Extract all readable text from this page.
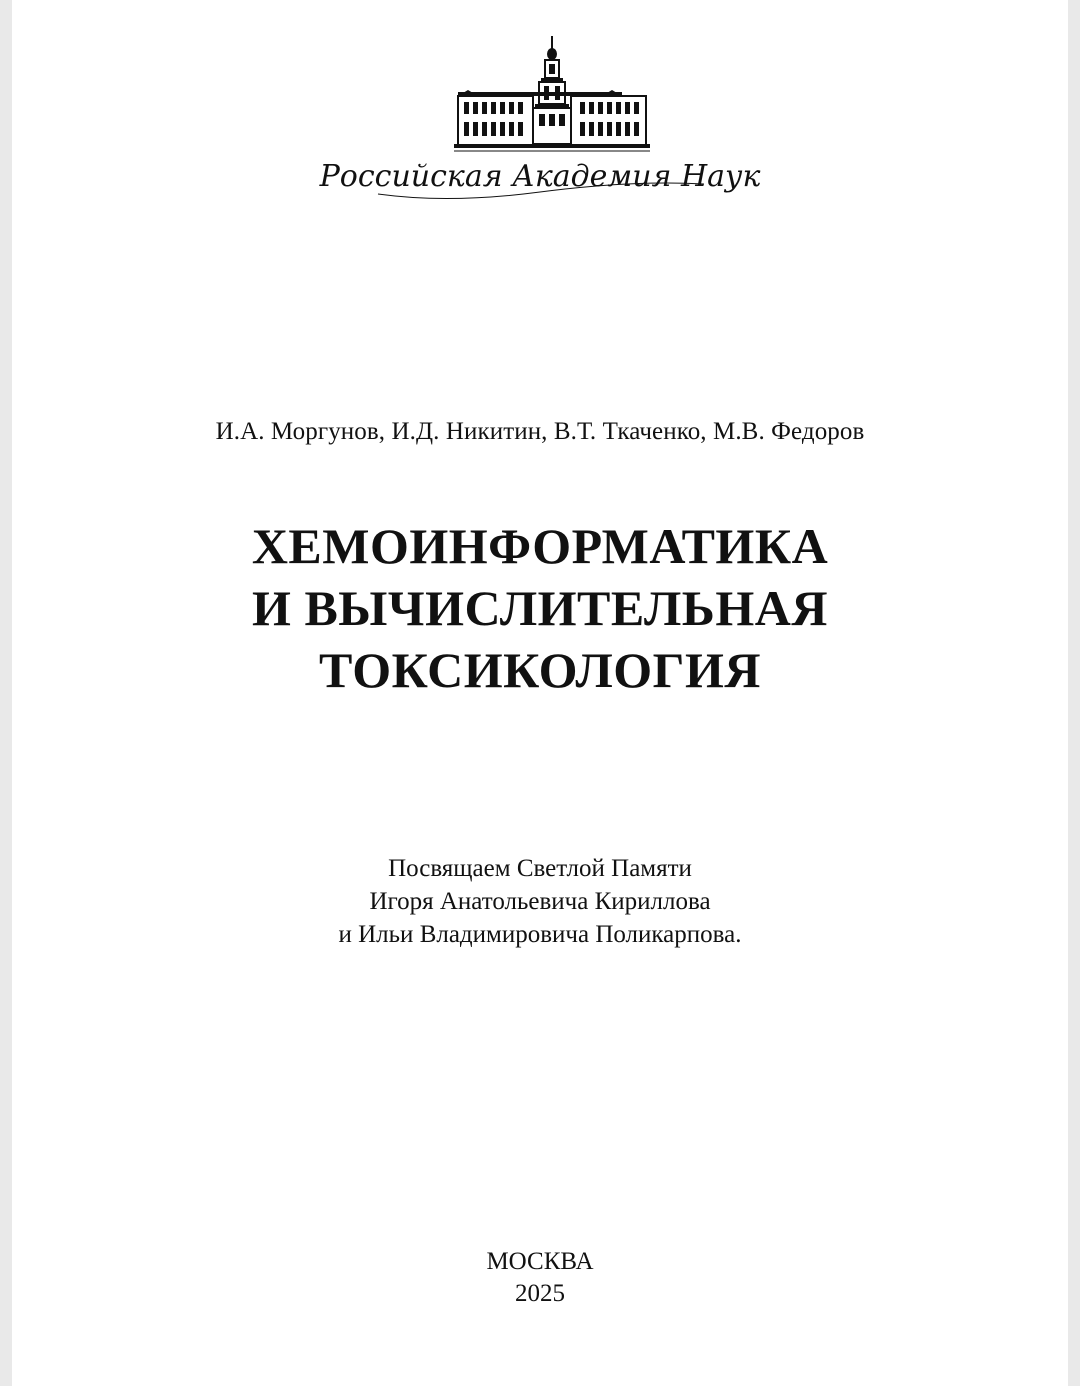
Российская Академия Наук
И.А. Моргунов, И.Д. Никитин, В.Т. Ткаченко, М.В. Федоров
ХЕМОИНФОРМАТИКА
И ВЫЧИСЛИТЕЛЬНАЯ
ТОКСИКОЛОГИЯ
Посвящаем Светлой Памяти
Игоря Анатольевича Кириллова
и Ильи Владимировича Поликарпова.
МОСКВА
2025
